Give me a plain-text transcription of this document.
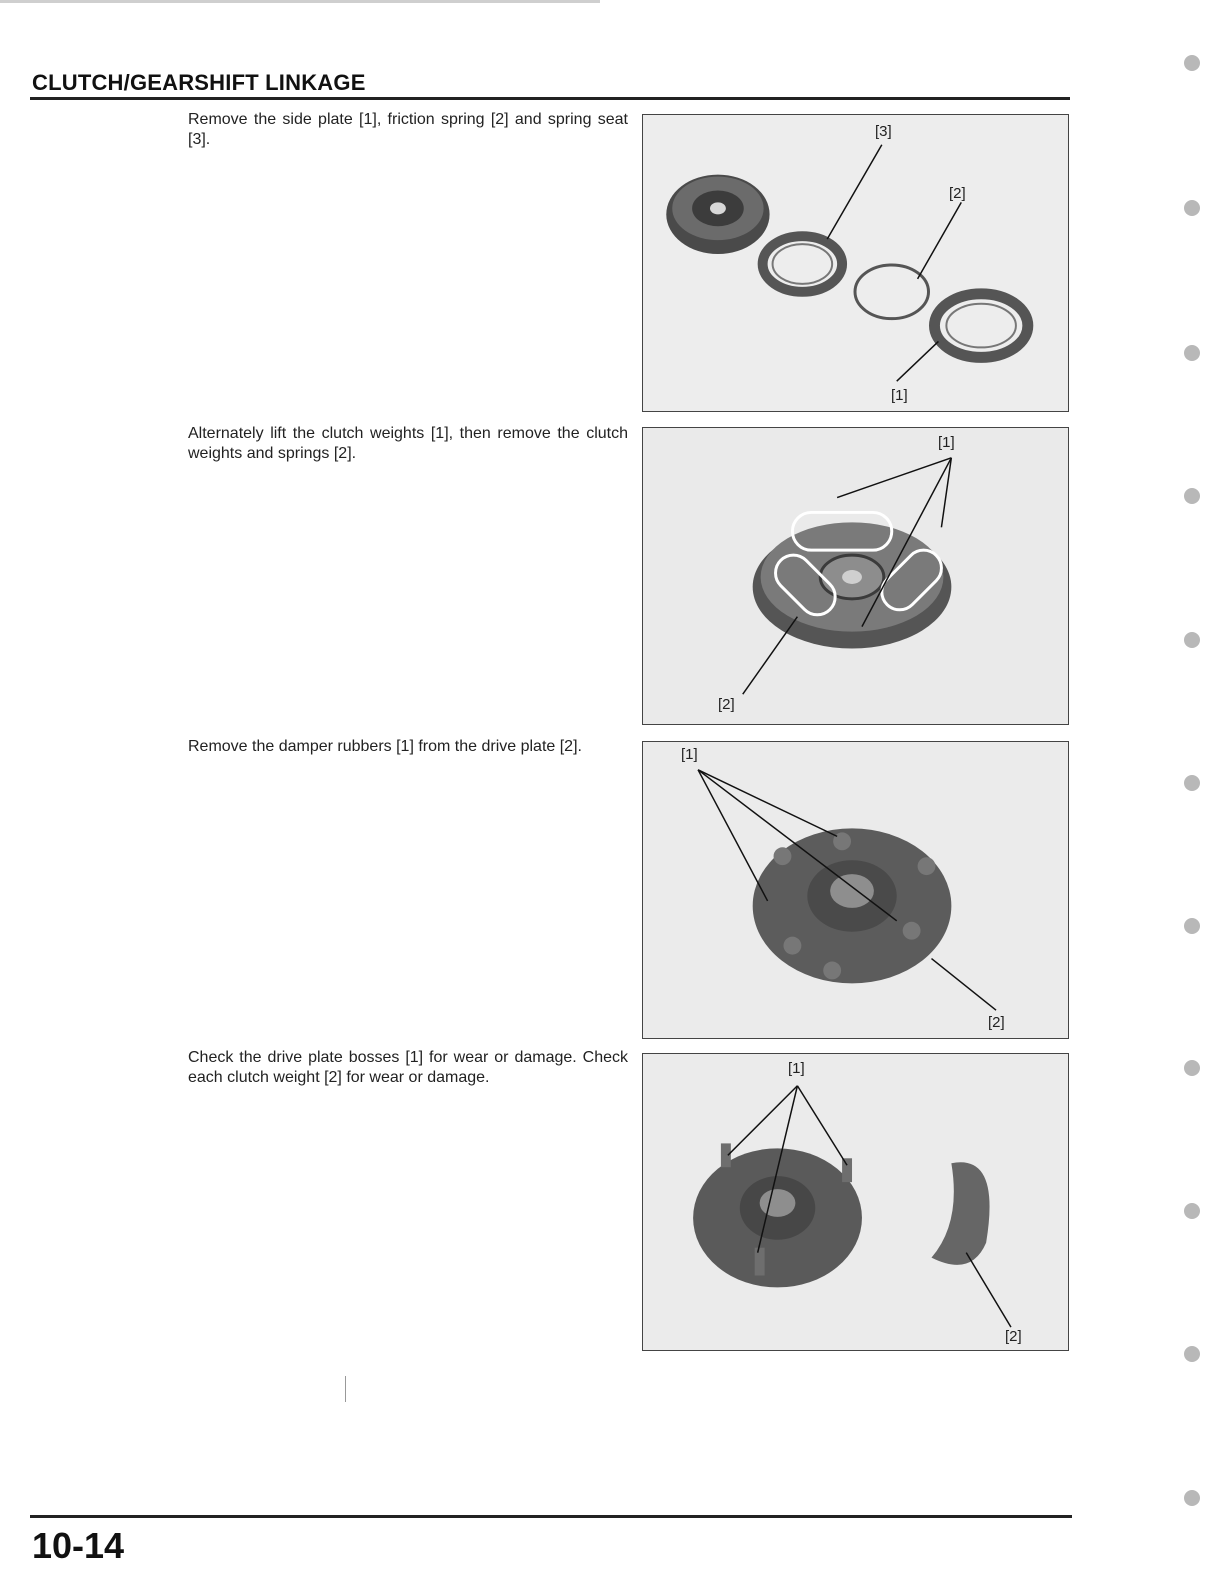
CLUTCH/GEARSHIFT LINKAGE

Remove the side plate [1], friction spring [2] and spring seat [3].	[3]
[2]
[1]

Alternately lift the clutch weights [1], then remove the clutch weights and springs [2].

[1]
[2]

Remove the damper rubbers [1] from the drive plate [2].	[1]
[2]

Check the drive plate bosses [1] for wear or damage. Check each clutch weight [2] for wear or damage.

[1]
[2]

10-14
